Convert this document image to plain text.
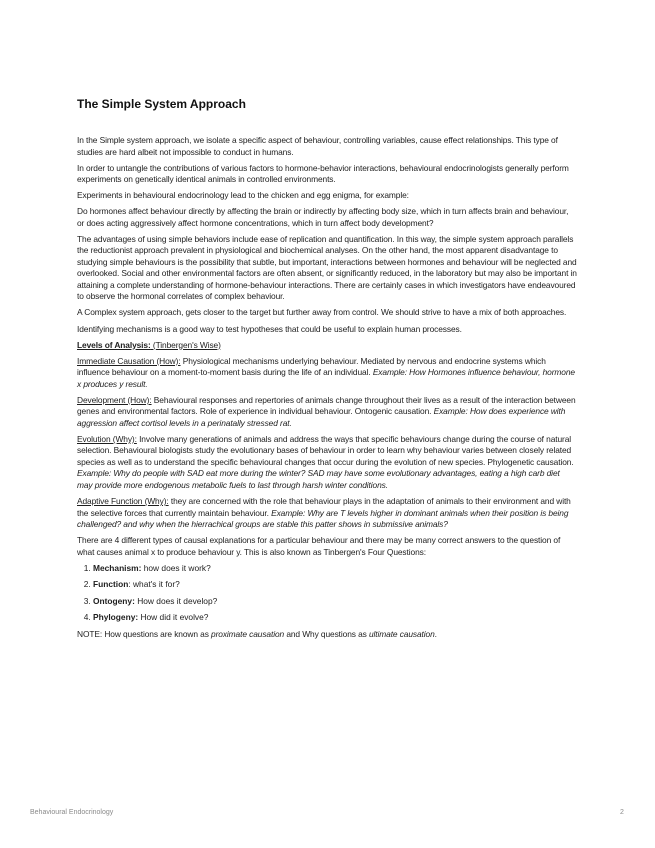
The Simple System Approach

In the Simple system approach, we isolate a specific aspect of behaviour, controlling variables, cause effect relationships. This type of studies are hard albeit not impossible to conduct in humans.

In order to untangle the contributions of various factors to hormone-behavior interactions, behavioural endocrinologists generally perform experiments on genetically identical animals in controlled environments.

Experiments in behavioural endocrinology lead to the chicken and egg enigma, for example:

Do hormones affect behaviour directly by affecting the brain or indirectly by affecting body size, which in turn affects brain and behaviour, or does acting aggressively affect hormone concentrations, which in turn affect body development?

The advantages of using simple behaviors include ease of replication and quantification. In this way, the simple system approach parallels the reductionist approach prevalent in physiological and biochemical analyses. On the other hand, the most apparent disadvantage to studying simple behaviours is the possibility that subtle, but important, interactions between hormones and behaviour will be neglected and overlooked. Social and other environmental factors are often absent, or significantly reduced, in the laboratory but may also be important in attaining a complete understanding of hormone-behaviour interactions. There are certainly cases in which investigators have endeavoured to observe the hormonal correlates of complex behaviour.

A Complex system approach, gets closer to the target but further away from control. We should strive to have a mix of both approaches.

Identifying mechanisms is a good way to test hypotheses that could be useful to explain human processes.

Levels of Analysis: (Tinbergen's Wise)

Immediate Causation (How): Physiological mechanisms underlying behaviour. Mediated by nervous and endocrine systems which influence behaviour on a moment-to-moment basis during the life of an individual. Example: How Hormones influence behaviour, hormone x produces y result.

Development (How): Behavioural responses and repertories of animals change throughout their lives as a result of the interaction between genes and environmental factors. Role of experience in individual behaviour. Ontogenic causation. Example: How does experience with aggression affect cortisol levels in a perinatally stressed rat.

Evolution (Why): Involve many generations of animals and address the ways that specific behaviours change during the course of natural selection. Behavioural biologists study the evolutionary bases of behaviour in order to learn why behaviour varies between closely related species as well as to understand the specific behavioural changes that occur during the evolution of new species. Phylogenetic causation. Example: Why do people with SAD eat more during the winter? SAD may have some evolutionary advantages, eating a high carb diet may provide more endogenous metabolic fuels to last through harsh winter conditions.

Adaptive Function (Why): they are concerned with the role that behaviour plays in the adaptation of animals to their environment and with the selective forces that currently maintain behaviour. Example: Why are T levels higher in dominant animals when their position is being challenged? and why when the hierrachical groups are stable this patter shows in submissive animals?

There are 4 different types of causal explanations for a particular behaviour and there may be many correct answers to the question of what causes animal x to produce behaviour y. This is also known as Tinbergen's Four Questions:

1. Mechanism: how does it work?
2. Function: what's it for?
3. Ontogeny: How does it develop?
4. Phylogeny: How did it evolve?

NOTE: How questions are known as proximate causation and Why questions as ultimate causation.

Behavioural Endocrinology	2
